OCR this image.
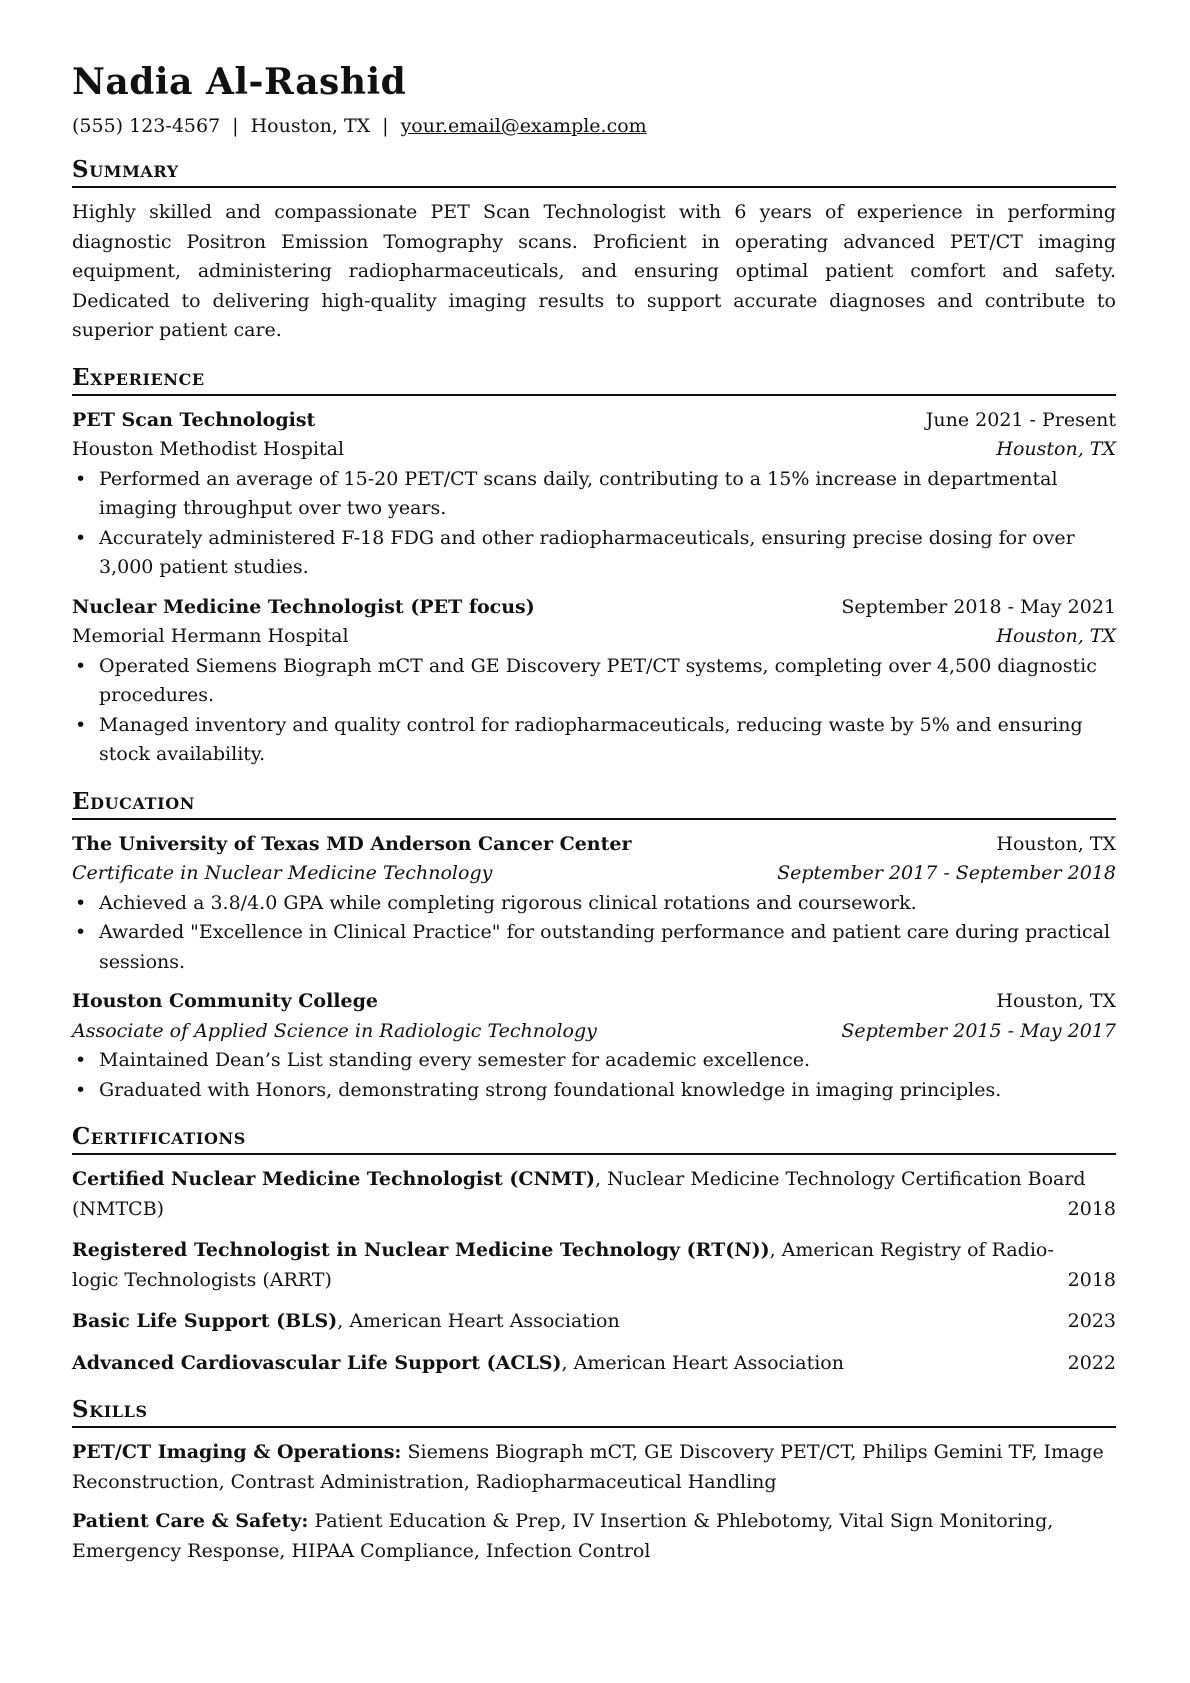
Nadia Al-Rashid
(555) 123-4567 | Houston, TX | your.email@example.com
Summary
Highly skilled and compassionate PET Scan Technologist with 6 years of experience in performing diagnostic Positron Emission Tomography scans. Proficient in operating advanced PET/CT imaging equipment, administering radiopharmaceuticals, and ensuring optimal patient comfort and safety. Dedicated to delivering high-quality imaging results to support accurate diagnoses and contribute to superior patient care.
Experience
PET Scan Technologist	June 2021 - Present
Houston Methodist Hospital	Houston, TX
• Performed an average of 15-20 PET/CT scans daily, contributing to a 15% increase in departmental imaging throughput over two years.
• Accurately administered F-18 FDG and other radiopharmaceuticals, ensuring precise dosing for over 3,000 patient studies.
Nuclear Medicine Technologist (PET focus)	September 2018 - May 2021
Memorial Hermann Hospital	Houston, TX
• Operated Siemens Biograph mCT and GE Discovery PET/CT systems, completing over 4,500 diagnostic procedures.
• Managed inventory and quality control for radiopharmaceuticals, reducing waste by 5% and ensuring stock availability.
Education
The University of Texas MD Anderson Cancer Center	Houston, TX
Certificate in Nuclear Medicine Technology	September 2017 - September 2018
• Achieved a 3.8/4.0 GPA while completing rigorous clinical rotations and coursework.
• Awarded "Excellence in Clinical Practice" for outstanding performance and patient care during practical sessions.
Houston Community College	Houston, TX
Associate of Applied Science in Radiologic Technology	September 2015 - May 2017
• Maintained Dean’s List standing every semester for academic excellence.
• Graduated with Honors, demonstrating strong foundational knowledge in imaging principles.
Certifications
Certified Nuclear Medicine Technologist (CNMT), Nuclear Medicine Technology Certification Board
(NMTCB)	2018
Registered Technologist in Nuclear Medicine Technology (RT(N)), American Registry of Radio-
logic Technologists (ARRT)	2018
Basic Life Support (BLS), American Heart Association	2023
Advanced Cardiovascular Life Support (ACLS), American Heart Association	2022
Skills
PET/CT Imaging & Operations: Siemens Biograph mCT, GE Discovery PET/CT, Philips Gemini TF, Image Reconstruction, Contrast Administration, Radiopharmaceutical Handling
Patient Care & Safety: Patient Education & Prep, IV Insertion & Phlebotomy, Vital Sign Monitoring, Emergency Response, HIPAA Compliance, Infection Control
